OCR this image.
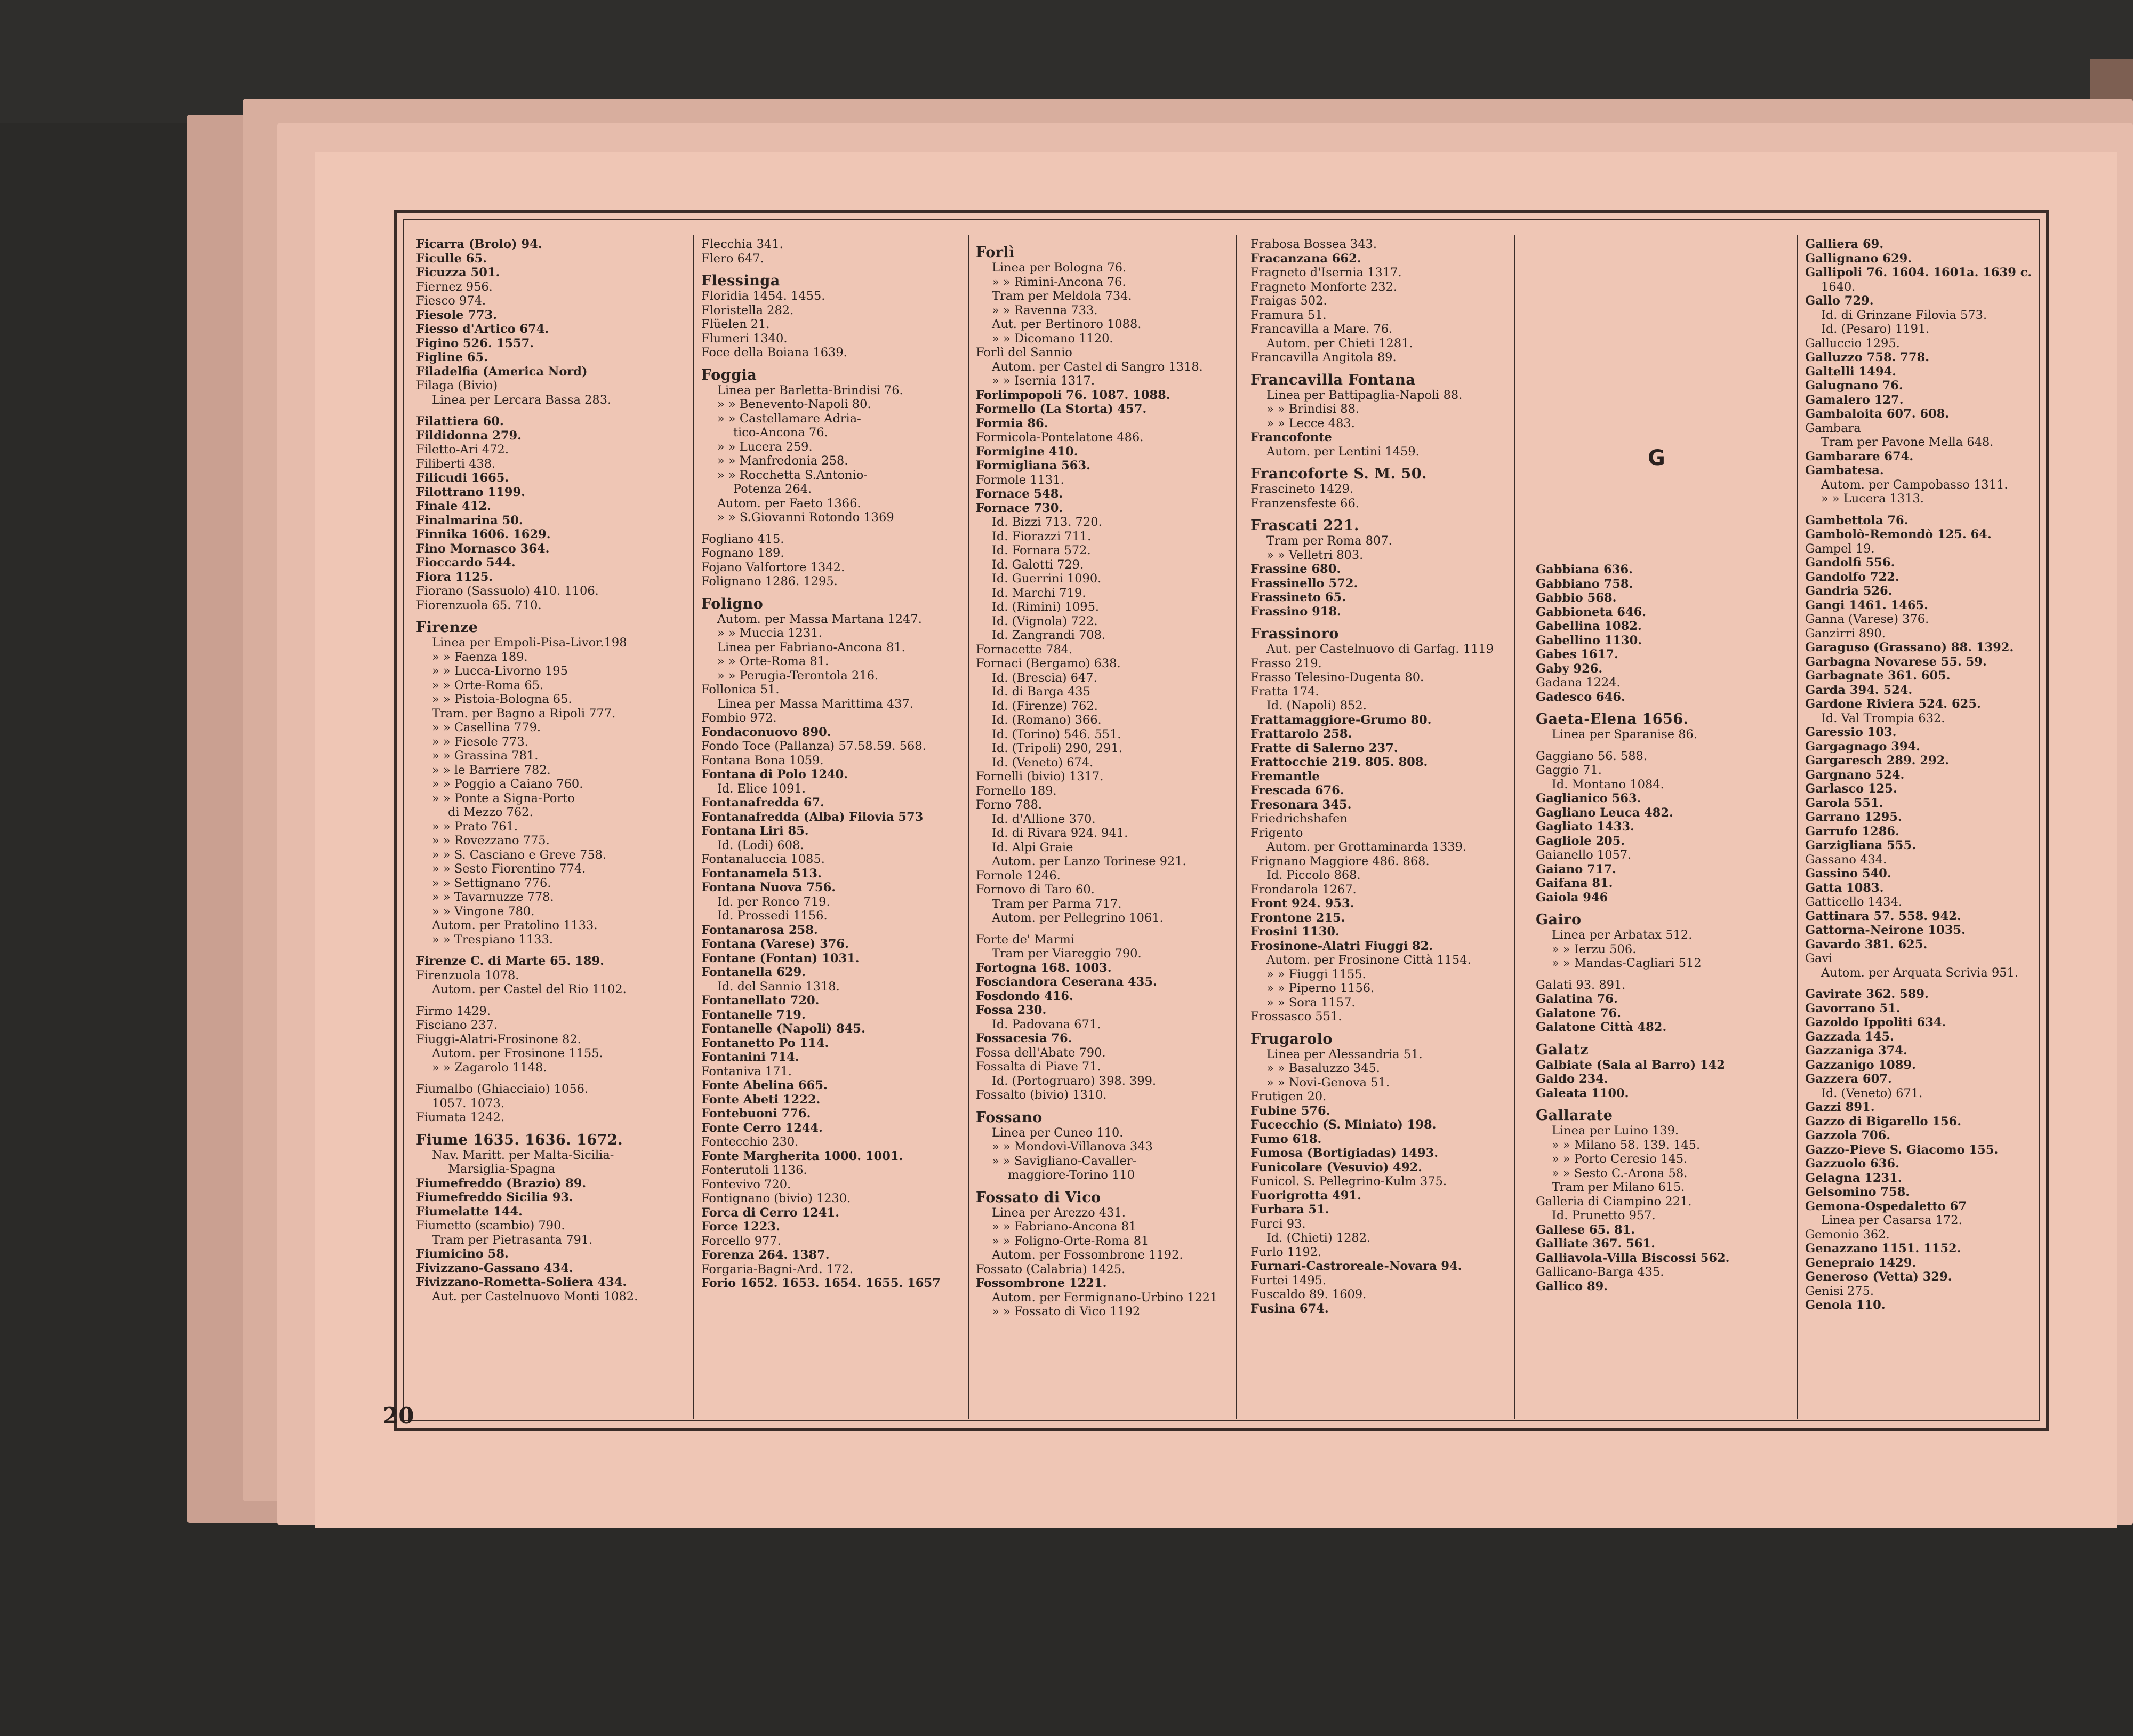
Ficarra (Brolo) 94.
Ficulle 65.
Ficuzza 501.
Fiernez 956.
Fiesco 974.
Fiesole 773.
Fiesso d'Artico 674.
Figino 526. 1557.
Figline 65.
Filadelfia (America Nord)
Filaga (Bivio)
Linea per Lercara Bassa 283.
Filattiera 60.
Fildidonna 279.
Filetto-Ari 472.
Filiberti 438.
Filicudi 1665.
Filottrano 1199.
Finale 412.
Finalmarina 50.
Finnika 1606. 1629.
Fino Mornasco 364.
Fioccardo 544.
Fiora 1125.
Fiorano (Sassuolo) 410. 1106.
Fiorenzuola 65. 710.
Firenze
Linea per Empoli-Pisa-Livor.198
» » Faenza 189.
» » Lucca-Livorno 195
» » Orte-Roma 65.
» » Pistoia-Bologna 65.
Tram. per Bagno a Ripoli 777.
» » Casellina 779.
» » Fiesole 773.
» » Grassina 781.
» » le Barriere 782.
» » Poggio a Caiano 760.
» » Ponte a Signa-Porto
di Mezzo 762.
» » Prato 761.
» » Rovezzano 775.
» » S. Casciano e Greve 758.
» » Sesto Fiorentino 774.
» » Settignano 776.
» » Tavarnuzze 778.
» » Vingone 780.
Autom. per Pratolino 1133.
» » Trespiano 1133.
Firenze C. di Marte 65. 189.
Firenzuola 1078.
Autom. per Castel del Rio 1102.
Firmo 1429.
Fisciano 237.
Fiuggi-Alatri-Frosinone 82.
Autom. per Frosinone 1155.
» » Zagarolo 1148.
Fiumalbo (Ghiacciaio) 1056.
1057. 1073.
Fiumata 1242.
Fiume 1635. 1636. 1672.
Nav. Maritt. per Malta-Sicilia-
Marsiglia-Spagna
Fiumefreddo (Brazio) 89.
Fiumefreddo Sicilia 93.
Fiumelatte 144.
Fiumetto (scambio) 790.
Tram per Pietrasanta 791.
Fiumicino 58.
Fivizzano-Gassano 434.
Fivizzano-Rometta-Soliera 434.
Aut. per Castelnuovo Monti 1082.
Flecchia 341.
Flero 647.
Flessinga
Floridia 1454. 1455.
Floristella 282.
Flüelen 21.
Flumeri 1340.
Foce della Boiana 1639.
Foggia
Linea per Barletta-Brindisi 76.
» » Benevento-Napoli 80.
» » Castellamare Adria-
tico-Ancona 76.
» » Lucera 259.
» » Manfredonia 258.
» » Rocchetta S.Antonio-
Potenza 264.
Autom. per Faeto 1366.
» » S.Giovanni Rotondo 1369
Fogliano 415.
Fognano 189.
Fojano Valfortore 1342.
Folignano 1286. 1295.
Foligno
Autom. per Massa Martana 1247.
» » Muccia 1231.
Linea per Fabriano-Ancona 81.
» » Orte-Roma 81.
» » Perugia-Terontola 216.
Follonica 51.
Linea per Massa Marittima 437.
Fombio 972.
Fondaconuovo 890.
Fondo Toce (Pallanza) 57.58.59. 568.
Fontana Bona 1059.
Fontana di Polo 1240.
Id. Elice 1091.
Fontanafredda 67.
Fontanafredda (Alba) Filovia 573
Fontana Liri 85.
Id. (Lodi) 608.
Fontanaluccia 1085.
Fontanamela 513.
Fontana Nuova 756.
Id. per Ronco 719.
Id. Prossedi 1156.
Fontanarosa 258.
Fontana (Varese) 376.
Fontane (Fontan) 1031.
Fontanella 629.
Id. del Sannio 1318.
Fontanellato 720.
Fontanelle 719.
Fontanelle (Napoli) 845.
Fontanetto Po 114.
Fontanini 714.
Fontaniva 171.
Fonte Abelina 665.
Fonte Abeti 1222.
Fontebuoni 776.
Fonte Cerro 1244.
Fontecchio 230.
Fonte Margherita 1000. 1001.
Fonterutoli 1136.
Fontevivo 720.
Fontignano (bivio) 1230.
Forca di Cerro 1241.
Force 1223.
Forcello 977.
Forenza 264. 1387.
Forgaria-Bagni-Ard. 172.
Forio 1652. 1653. 1654. 1655. 1657
Forlì
Linea per Bologna 76.
» » Rimini-Ancona 76.
Tram per Meldola 734.
» » Ravenna 733.
Aut. per Bertinoro 1088.
» » Dicomano 1120.
Forlì del Sannio
Autom. per Castel di Sangro 1318.
» » Isernia 1317.
Forlimpopoli 76. 1087. 1088.
Formello (La Storta) 457.
Formia 86.
Formicola-Pontelatone 486.
Formigine 410.
Formigliana 563.
Formole 1131.
Fornace 548.
Fornace 730.
Id. Bizzi 713. 720.
Id. Fiorazzi 711.
Id. Fornara 572.
Id. Galotti 729.
Id. Guerrini 1090.
Id. Marchi 719.
Id. (Rimini) 1095.
Id. (Vignola) 722.
Id. Zangrandi 708.
Fornacette 784.
Fornaci (Bergamo) 638.
Id. (Brescia) 647.
Id. di Barga 435
Id. (Firenze) 762.
Id. (Romano) 366.
Id. (Torino) 546. 551.
Id. (Tripoli) 290, 291.
Id. (Veneto) 674.
Fornelli (bivio) 1317.
Fornello 189.
Forno 788.
Id. d'Allione 370.
Id. di Rivara 924. 941.
Id. Alpi Graie
Autom. per Lanzo Torinese 921.
Fornole 1246.
Fornovo di Taro 60.
Tram per Parma 717.
Autom. per Pellegrino 1061.
Forte de' Marmi
Tram per Viareggio 790.
Fortogna 168. 1003.
Fosciandora Ceserana 435.
Fosdondo 416.
Fossa 230.
Id. Padovana 671.
Fossacesia 76.
Fossa dell'Abate 790.
Fossalta di Piave 71.
Id. (Portogruaro) 398. 399.
Fossalto (bivio) 1310.
Fossano
Linea per Cuneo 110.
» » Mondovì-Villanova 343
» » Savigliano-Cavaller-
maggiore-Torino 110
Fossato di Vico
Linea per Arezzo 431.
» » Fabriano-Ancona 81
» » Foligno-Orte-Roma 81
Autom. per Fossombrone 1192.
Fossato (Calabria) 1425.
Fossombrone 1221.
Autom. per Fermignano-Urbino 1221
» » Fossato di Vico 1192
Frabosa Bossea 343.
Fracanzana 662.
Fragneto d'Isernia 1317.
Fragneto Monforte 232.
Fraigas 502.
Framura 51.
Francavilla a Mare. 76.
Autom. per Chieti 1281.
Francavilla Angitola 89.
Francavilla Fontana
Linea per Battipaglia-Napoli 88.
» » Brindisi 88.
» » Lecce 483.
Francofonte
Autom. per Lentini 1459.
Francoforte S. M. 50.
Frascineto 1429.
Franzensfeste 66.
Frascati 221.
Tram per Roma 807.
» » Velletri 803.
Frassine 680.
Frassinello 572.
Frassineto 65.
Frassino 918.
Frassinoro
Aut. per Castelnuovo di Garfag. 1119
Frasso 219.
Frasso Telesino-Dugenta 80.
Fratta 174.
Id. (Napoli) 852.
Frattamaggiore-Grumo 80.
Frattarolo 258.
Fratte di Salerno 237.
Frattocchie 219. 805. 808.
Fremantle
Frescada 676.
Fresonara 345.
Friedrichshafen
Frigento
Autom. per Grottaminarda 1339.
Frignano Maggiore 486. 868.
Id. Piccolo 868.
Frondarola 1267.
Front 924. 953.
Frontone 215.
Frosini 1130.
Frosinone-Alatri Fiuggi 82.
Autom. per Frosinone Città 1154.
» » Fiuggi 1155.
» » Piperno 1156.
» » Sora 1157.
Frossasco 551.
Frugarolo
Linea per Alessandria 51.
» » Basaluzzo 345.
» » Novi-Genova 51.
Frutigen 20.
Fubine 576.
Fucecchio (S. Miniato) 198.
Fumo 618.
Fumosa (Bortigiadas) 1493.
Funicolare (Vesuvio) 492.
Funicol. S. Pellegrino-Kulm 375.
Fuorigrotta 491.
Furbara 51.
Furci 93.
Id. (Chieti) 1282.
Furlo 1192.
Furnari-Castroreale-Novara 94.
Furtei 1495.
Fuscaldo 89. 1609.
Fusina 674.
Gabbiana 636.
Gabbiano 758.
Gabbio 568.
Gabbioneta 646.
Gabellina 1082.
Gabellino 1130.
Gabes 1617.
Gaby 926.
Gadana 1224.
Gadesco 646.
Gaeta-Elena 1656.
Linea per Sparanise 86.
Gaggiano 56. 588.
Gaggio 71.
Id. Montano 1084.
Gaglianico 563.
Gagliano Leuca 482.
Gagliato 1433.
Gagliole 205.
Gaianello 1057.
Gaiano 717.
Gaifana 81.
Gaiola 946
Gairo
Linea per Arbatax 512.
» » Ierzu 506.
» » Mandas-Cagliari 512
Galati 93. 891.
Galatina 76.
Galatone 76.
Galatone Città 482.
Galatz
Galbiate (Sala al Barro) 142
Galdo 234.
Galeata 1100.
Gallarate
Linea per Luino 139.
» » Milano 58. 139. 145.
» » Porto Ceresio 145.
» » Sesto C.-Arona 58.
Tram per Milano 615.
Galleria di Ciampino 221.
Id. Prunetto 957.
Gallese 65. 81.
Galliate 367. 561.
Galliavola-Villa Biscossi 562.
Gallicano-Barga 435.
Gallico 89.
Galliera 69.
Gallignano 629.
Gallipoli 76. 1604. 1601a. 1639 c.
1640.
Gallo 729.
Id. di Grinzane Filovia 573.
Id. (Pesaro) 1191.
Galluccio 1295.
Galluzzo 758. 778.
Galtelli 1494.
Galugnano 76.
Gamalero 127.
Gambaloita 607. 608.
Gambara
Tram per Pavone Mella 648.
Gambarare 674.
Gambatesa.
Autom. per Campobasso 1311.
» » Lucera 1313.
Gambettola 76.
Gambolò-Remondò 125. 64.
Gampel 19.
Gandolfi 556.
Gandolfo 722.
Gandria 526.
Gangi 1461. 1465.
Ganna (Varese) 376.
Ganzirri 890.
Garaguso (Grassano) 88. 1392.
Garbagna Novarese 55. 59.
Garbagnate 361. 605.
Garda 394. 524.
Gardone Riviera 524. 625.
Id. Val Trompia 632.
Garessio 103.
Gargagnago 394.
Gargaresch 289. 292.
Gargnano 524.
Garlasco 125.
Garola 551.
Garrano 1295.
Garrufo 1286.
Garzigliana 555.
Gassano 434.
Gassino 540.
Gatta 1083.
Gatticello 1434.
Gattinara 57. 558. 942.
Gattorna-Neirone 1035.
Gavardo 381. 625.
Gavi
Autom. per Arquata Scrivia 951.
Gavirate 362. 589.
Gavorrano 51.
Gazoldo Ippoliti 634.
Gazzada 145.
Gazzaniga 374.
Gazzanigo 1089.
Gazzera 607.
Id. (Veneto) 671.
Gazzi 891.
Gazzo di Bigarello 156.
Gazzola 706.
Gazzo-Pieve S. Giacomo 155.
Gazzuolo 636.
Gelagna 1231.
Gelsomino 758.
Gemona-Ospedaletto 67
Linea per Casarsa 172.
Gemonio 362.
Genazzano 1151. 1152.
Genepraio 1429.
Generoso (Vetta) 329.
Genisi 275.
Genola 110.
G
20
